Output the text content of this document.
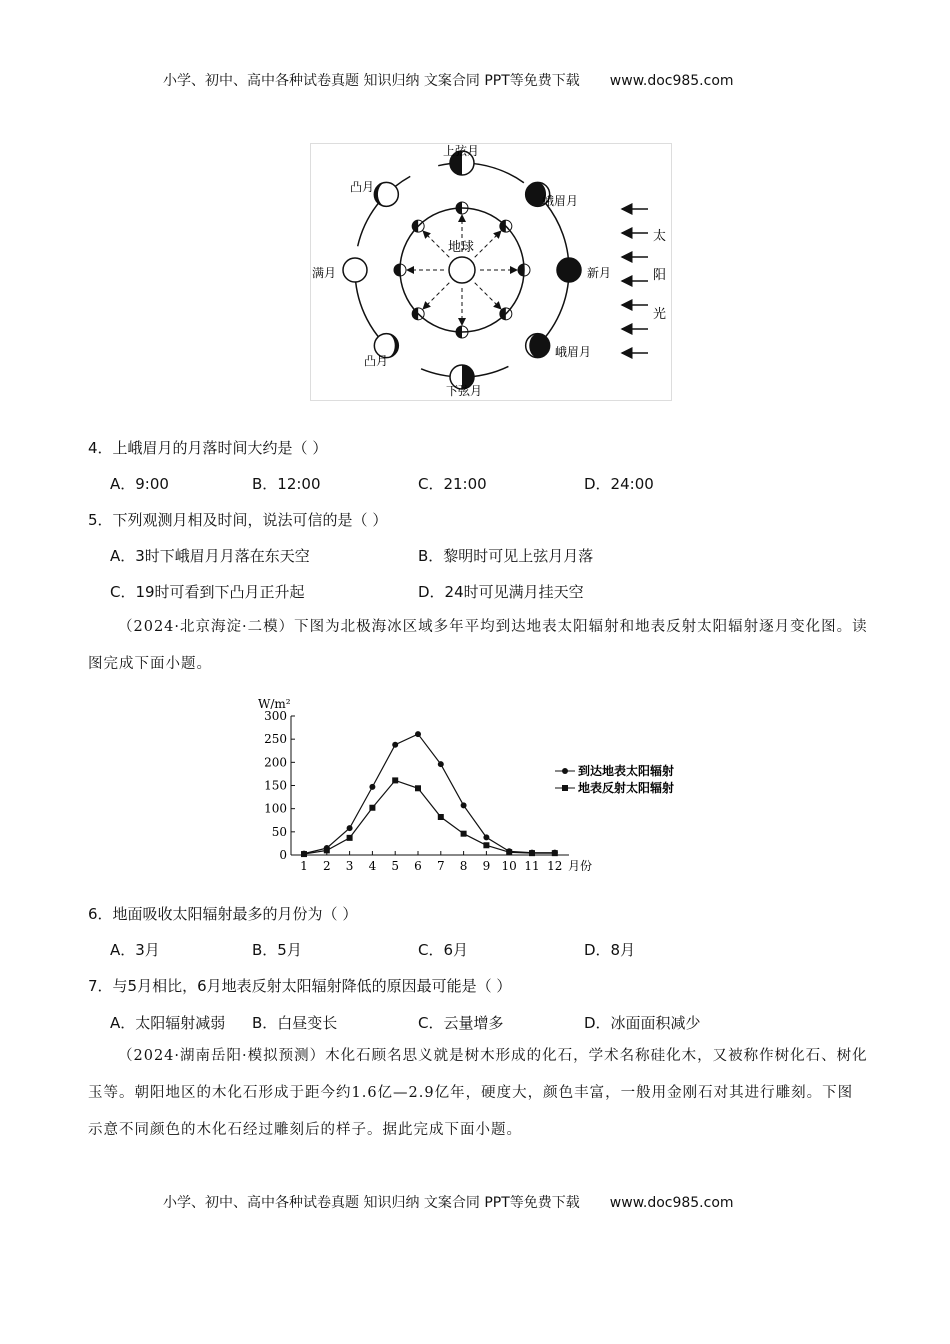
小学、初中、高中各种试卷真题 知识归纳 文案合同 PPT等免费下载 www.doc985.com
地球
上弦月
凸月
峨眉月
满月	新月
凸月
峨眉月
下弦月
太
阳
光
4．上峨眉月的月落时间大约是（ ）
A．9:00	B．12:00	C．21:00	D．24:00
5．下列观测月相及时间，说法可信的是（ ）
A．3时下峨眉月月落在东天空	B．黎明时可见上弦月月落
C．19时可看到下凸月正升起	D．24时可见满月挂天空
（2024·北京海淀·二模）下图为北极海冰区域多年平均到达地表太阳辐射和地表反射太阳辐射逐月变化图。读图完成下面小题。
W/m²
0
50
100
150
200
250
300
1 2 3 4 5 6 7 8 9 10 11 12 月份
到达地表太阳辐射
地表反射太阳辐射
6．地面吸收太阳辐射最多的月份为（ ）
A．3月	B．5月	C．6月	D．8月
7．与5月相比，6月地表反射太阳辐射降低的原因最可能是（ ）
A．太阳辐射减弱 B．白昼变长	C．云量增多	D．冰面面积减少
（2024·湖南岳阳·模拟预测）木化石顾名思义就是树木形成的化石，学术名称硅化木，又被称作树化石、树化玉等。朝阳地区的木化石形成于距今约1.6亿—2.9亿年，硬度大，颜色丰富，一般用金刚石对其进行雕刻。下图示意不同颜色的木化石经过雕刻后的样子。据此完成下面小题。
小学、初中、高中各种试卷真题 知识归纳 文案合同 PPT等免费下载 www.doc985.com
